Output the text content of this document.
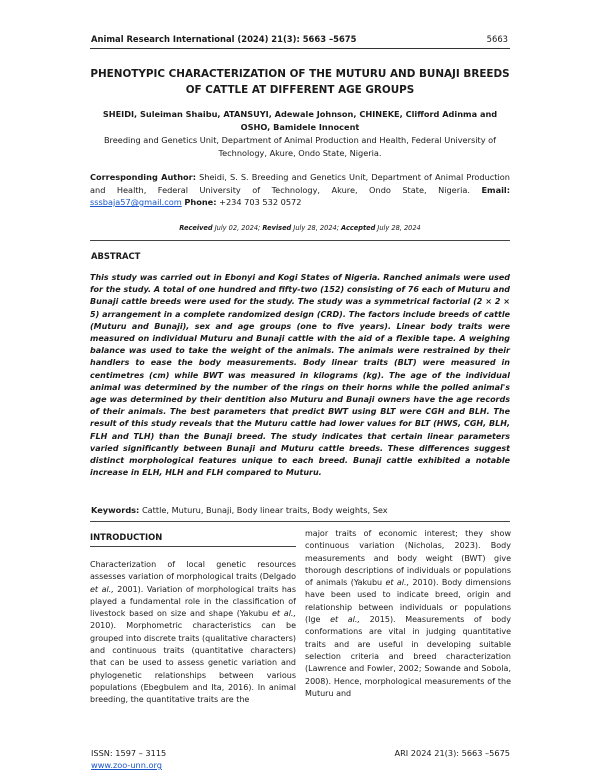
Animal Research International (2024) 21(3): 5663 –5675	5663
PHENOTYPIC CHARACTERIZATION OF THE MUTURU AND BUNAJI BREEDS OF CATTLE AT DIFFERENT AGE GROUPS
SHEIDI, Suleiman Shaibu, ATANSUYI, Adewale Johnson, CHINEKE, Clifford Adinma and OSHO, Bamidele Innocent
Breeding and Genetics Unit, Department of Animal Production and Health, Federal University of Technology, Akure, Ondo State, Nigeria.
Corresponding Author: Sheidi, S. S. Breeding and Genetics Unit, Department of Animal Production and Health, Federal University of Technology, Akure, Ondo State, Nigeria. Email: sssbaja57@gmail.com Phone: +234 703 532 0572
Received July 02, 2024; Revised July 28, 2024; Accepted July 28, 2024
ABSTRACT
This study was carried out in Ebonyi and Kogi States of Nigeria. Ranched animals were used for the study. A total of one hundred and fifty-two (152) consisting of 76 each of Muturu and Bunaji cattle breeds were used for the study. The study was a symmetrical factorial (2 × 2 × 5) arrangement in a complete randomized design (CRD). The factors include breeds of cattle (Muturu and Bunaji), sex and age groups (one to five years). Linear body traits were measured on individual Muturu and Bunaji cattle with the aid of a flexible tape. A weighing balance was used to take the weight of the animals. The animals were restrained by their handlers to ease the body measurements. Body linear traits (BLT) were measured in centimetres (cm) while BWT was measured in kilograms (kg). The age of the individual animal was determined by the number of the rings on their horns while the polled animal's age was determined by their dentition also Muturu and Bunaji owners have the age records of their animals. The best parameters that predict BWT using BLT were CGH and BLH. The result of this study reveals that the Muturu cattle had lower values for BLT (HWS, CGH, BLH, FLH and TLH) than the Bunaji breed. The study indicates that certain linear parameters varied significantly between Bunaji and Muturu cattle breeds. These differences suggest distinct morphological features unique to each breed. Bunaji cattle exhibited a notable increase in ELH, HLH and FLH compared to Muturu.
Keywords: Cattle, Muturu, Bunaji, Body linear traits, Body weights, Sex
INTRODUCTION
Characterization of local genetic resources assesses variation of morphological traits (Delgado et al., 2001). Variation of morphological traits has played a fundamental role in the classification of livestock based on size and shape (Yakubu et al., 2010). Morphometric characteristics can be grouped into discrete traits (qualitative characters) and continuous traits (quantitative characters) that can be used to assess genetic variation and phylogenetic relationships between various populations (Ebegbulem and Ita, 2016). In animal breeding, the quantitative traits are the
major traits of economic interest; they show continuous variation (Nicholas, 2023). Body measurements and body weight (BWT) give thorough descriptions of individuals or populations of animals (Yakubu et al., 2010). Body dimensions have been used to indicate breed, origin and relationship between individuals or populations (Ige et al., 2015). Measurements of body conformations are vital in judging quantitative traits and are useful in developing suitable selection criteria and breed characterization (Lawrence and Fowler, 2002; Sowande and Sobola, 2008). Hence, morphological measurements of the Muturu and
ISSN: 1597 – 3115
www.zoo-unn.org
ARI 2024 21(3): 5663 –5675
